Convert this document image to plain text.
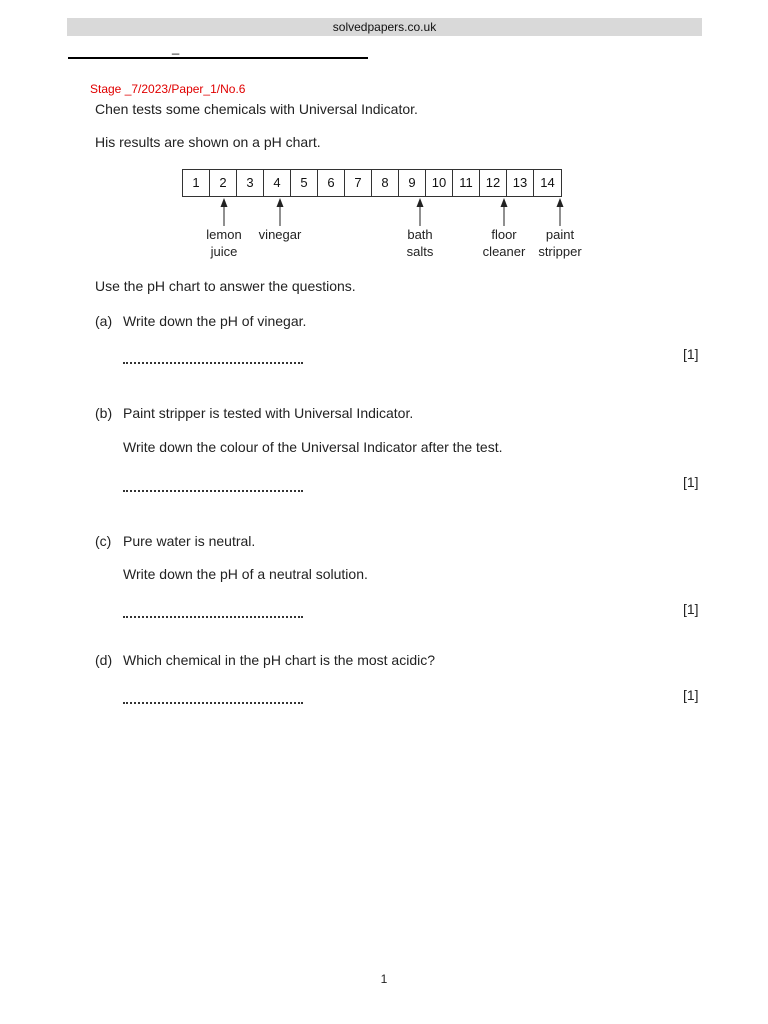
solvedpapers.co.uk
_
Stage _7/2023/Paper_1/No.6
Chen tests some chemicals with Universal Indicator.
His results are shown on a pH chart.
1	2	3	4	5	6	7	8	9	10	11	12 13	14
lemon
juice
vinegar	bath
salts
floor
cleaner
paint
stripper
Use the pH chart to answer the questions.
(a) Write down the pH of vinegar.
[1]
(b) Paint stripper is tested with Universal Indicator.
Write down the colour of the Universal Indicator after the test.
[1]
(c) Pure water is neutral.
Write down the pH of a neutral solution.
[1]
(d) Which chemical in the pH chart is the most acidic?
[1]
1
